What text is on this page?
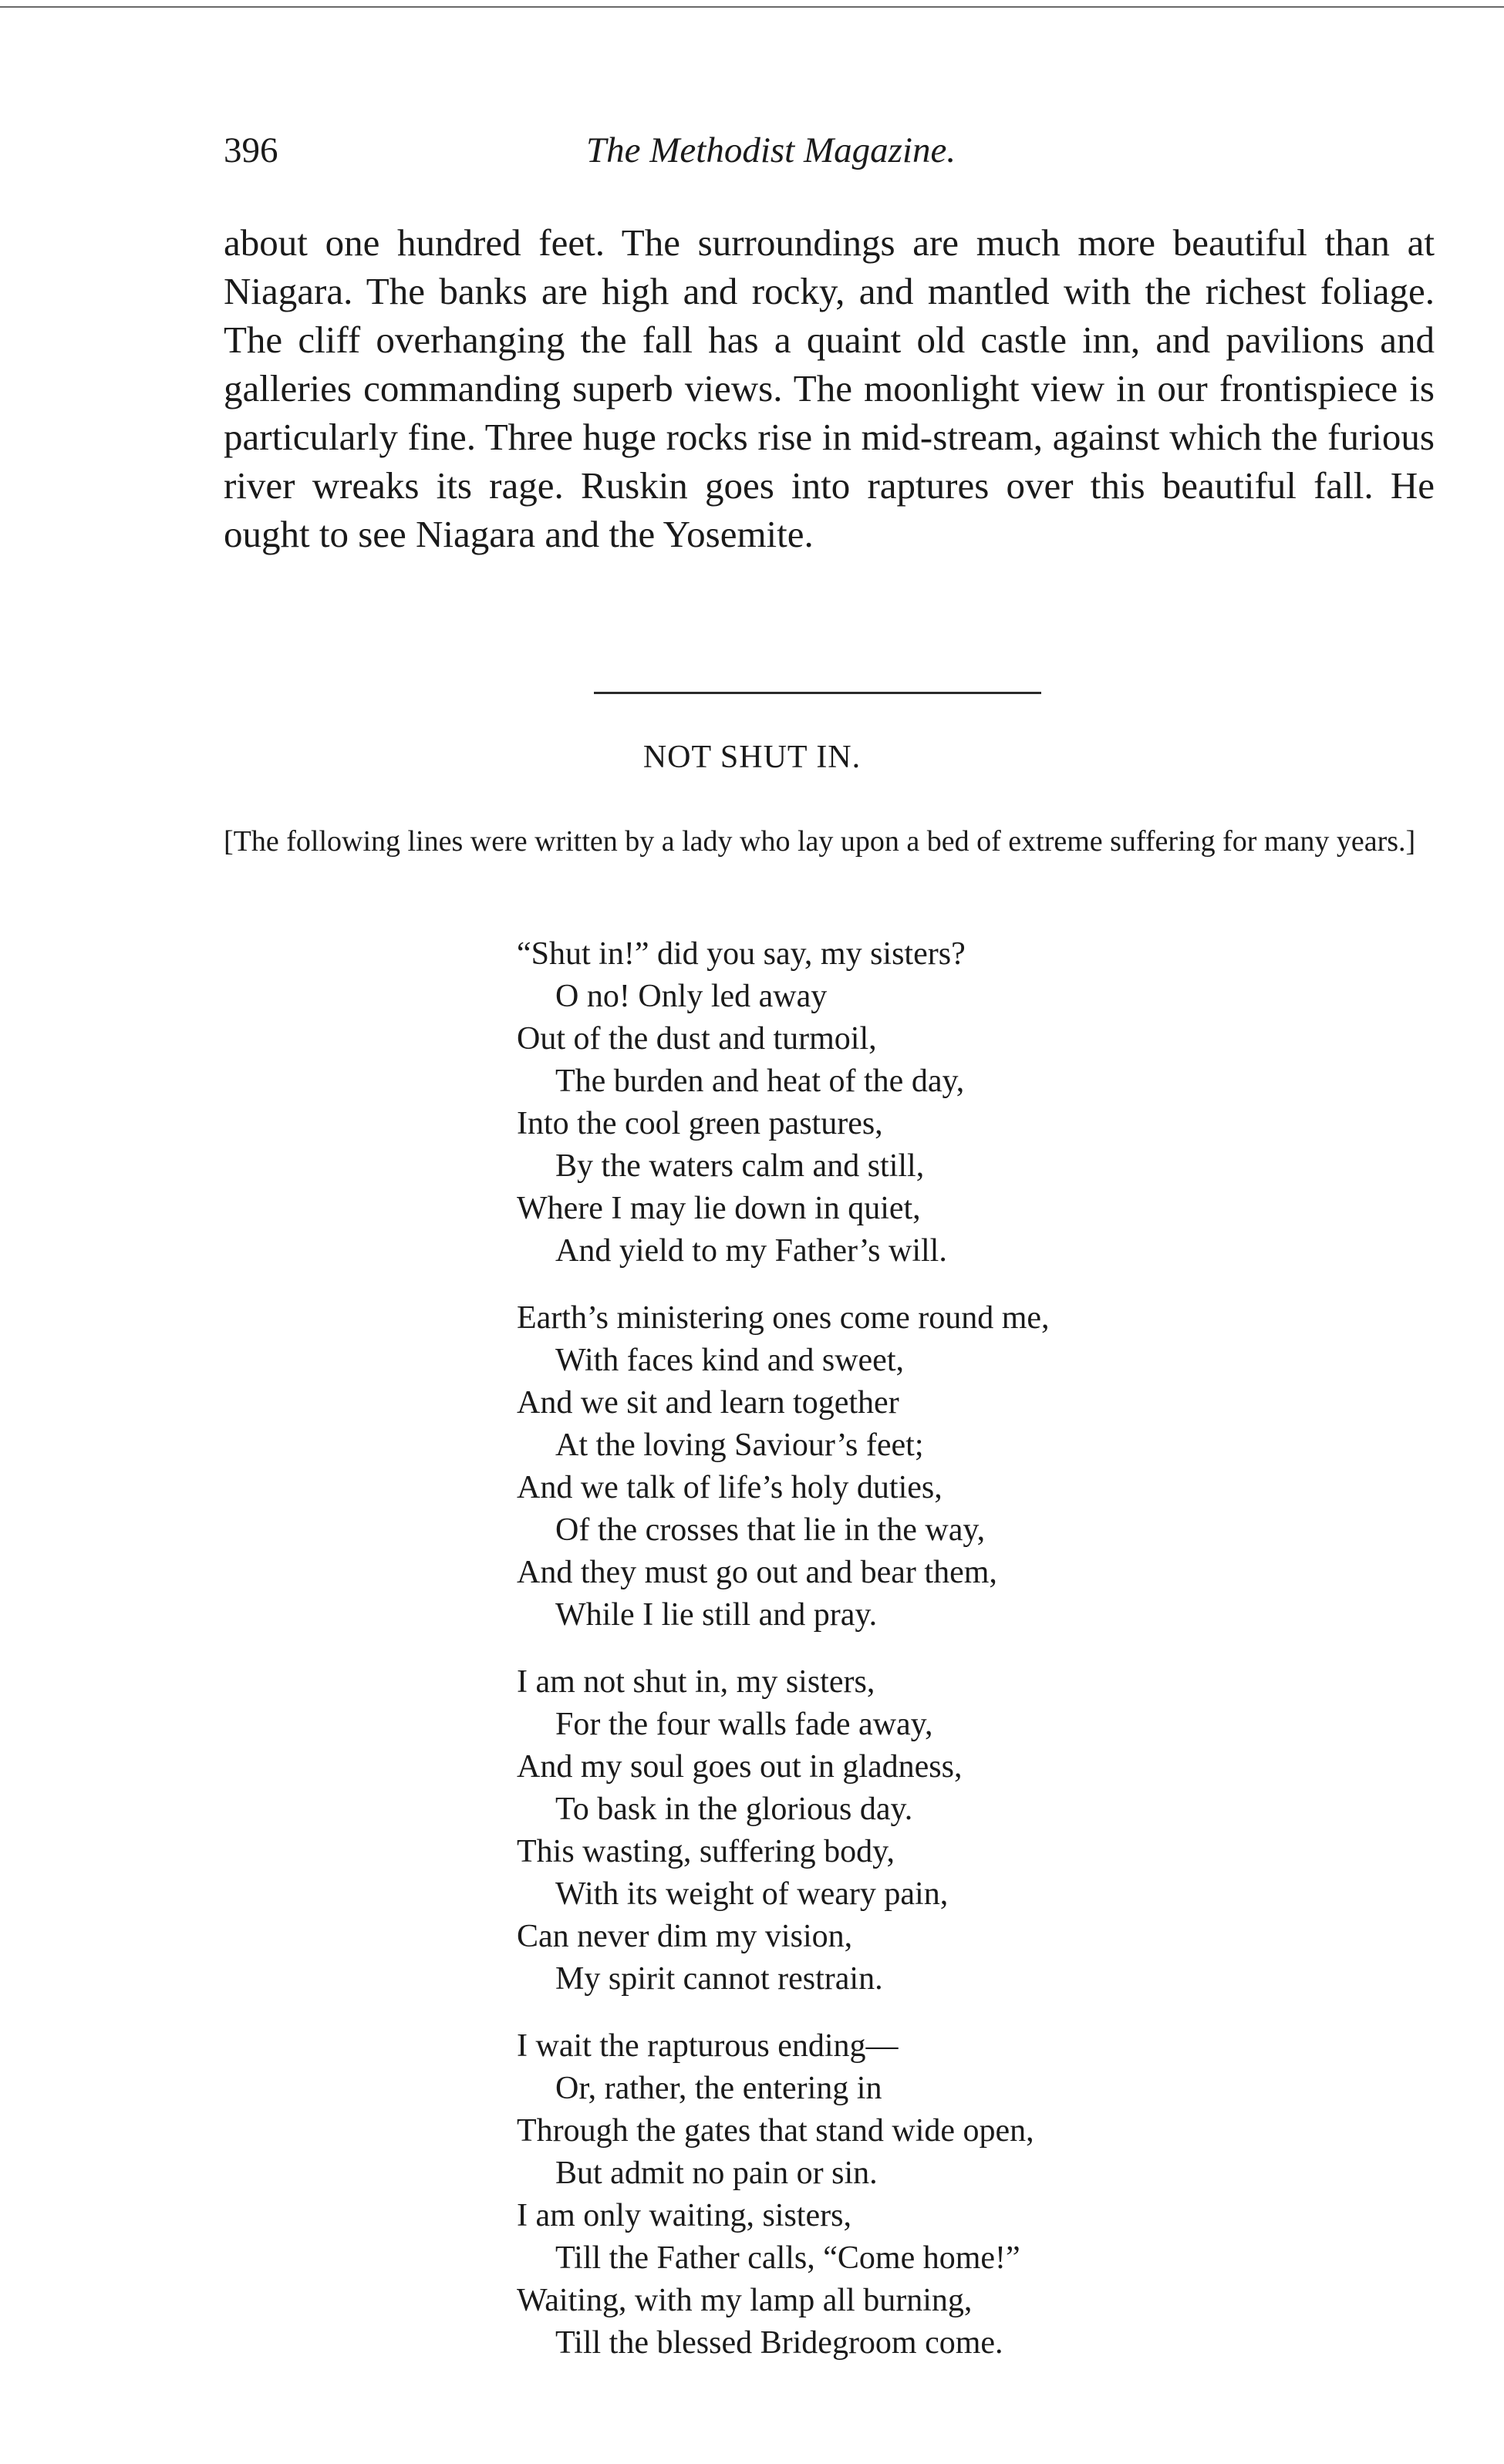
396	The Methodist Magazine.

about one hundred feet. The surroundings are much more beautiful than at Niagara. The banks are high and rocky, and mantled with the richest foliage. The cliff overhanging the fall has a quaint old castle inn, and pavilions and galleries commanding superb views. The moonlight view in our frontispiece is particularly fine. Three huge rocks rise in mid-stream, against which the furious river wreaks its rage. Ruskin goes into raptures over this beautiful fall. He ought to see Niagara and the Yosemite.

NOT SHUT IN.

[The following lines were written by a lady who lay upon a bed of extreme suffering for many years.]

“Shut in!” did you say, my sisters?
O no! Only led away
Out of the dust and turmoil,
The burden and heat of the day,
Into the cool green pastures,
By the waters calm and still,
Where I may lie down in quiet,
And yield to my Father’s will.
Earth’s ministering ones come round me,
With faces kind and sweet,
And we sit and learn together
At the loving Saviour’s feet;
And we talk of life’s holy duties,
Of the crosses that lie in the way,
And they must go out and bear them,
While I lie still and pray.
I am not shut in, my sisters,
For the four walls fade away,
And my soul goes out in gladness,
To bask in the glorious day.
This wasting, suffering body,
With its weight of weary pain,
Can never dim my vision,
My spirit cannot restrain.
I wait the rapturous ending—
Or, rather, the entering in
Through the gates that stand wide open,
But admit no pain or sin.
I am only waiting, sisters,
Till the Father calls, “Come home!”
Waiting, with my lamp all burning,
Till the blessed Bridegroom come.
